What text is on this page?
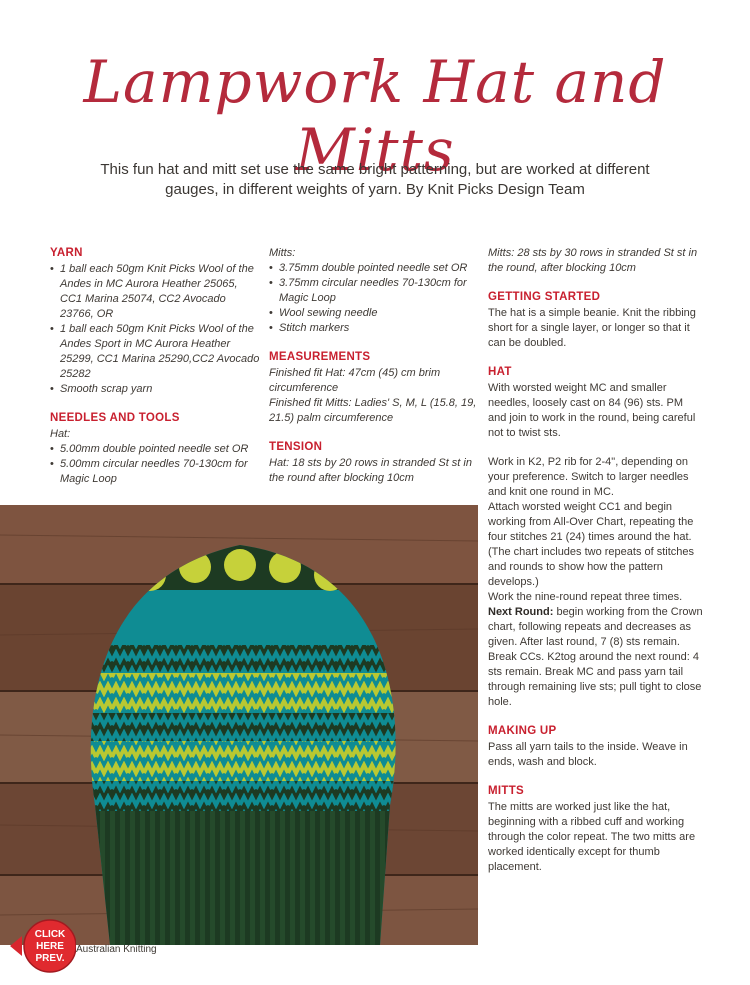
Lampwork Hat and Mitts

This fun hat and mitt set use the same bright patterning, but are worked at different gauges, in different weights of yarn. By Knit Picks Design Team

YARN
• 1 ball each 50gm Knit Picks Wool of the Andes in MC Aurora Heather 25065, CC1 Marina 25074, CC2 Avocado 23766, OR
• 1 ball each 50gm Knit Picks Wool of the Andes Sport in MC Aurora Heather 25299, CC1 Marina 25290,CC2 Avocado 25282
• Smooth scrap yarn
NEEDLES AND TOOLS

Hat:

• 5.00mm double pointed needle set OR
• 5.00mm circular needles 70-130cm for Magic Loop

Mitts:

• 3.75mm double pointed needle set OR
• 3.75mm circular needles 70-130cm for Magic Loop
• Wool sewing needle
• Stitch markers
MEASUREMENTS

Finished fit Hat: 47cm (45) cm brim circumference

Finished fit Mitts: Ladies' S, M, L (15.8, 19, 21.5) palm circumference

TENSION

Hat: 18 sts by 20 rows in stranded St st in the round after blocking 10cm

Mitts: 28 sts by 30 rows in stranded St st in the round, after blocking 10cm

GETTING STARTED

The hat is a simple beanie. Knit the ribbing short for a single layer, or longer so that it can be doubled.

HAT

With worsted weight MC and smaller needles, loosely cast on 84 (96) sts. PM and join to work in the round, being careful not to twist sts.

Work in K2, P2 rib for 2-4", depending on your preference. Switch to larger needles and knit one round in MC.

Attach worsted weight CC1 and begin working from All-Over Chart, repeating the four stitches 21 (24) times around the hat. (The chart includes two repeats of stitches and rounds to show how the pattern develops.)

Work the nine-round repeat three times.

Next Round: begin working from the Crown chart, following repeats and decreases as given. After last round, 7 (8) sts remain. Break CCs. K2tog around the next round: 4 sts remain. Break MC and pass yarn tail through remaining live sts; pull tight to close hole.

MAKING UP

Pass all yarn tails to the inside. Weave in ends, wash and block.

MITTS

The mitts are worked just like the hat, beginning with a ribbed cuff and working through the color repeat. The two mitts are worked identically except for thumb placement.

Australian Knitting
CLICK
HERE
PREV.
